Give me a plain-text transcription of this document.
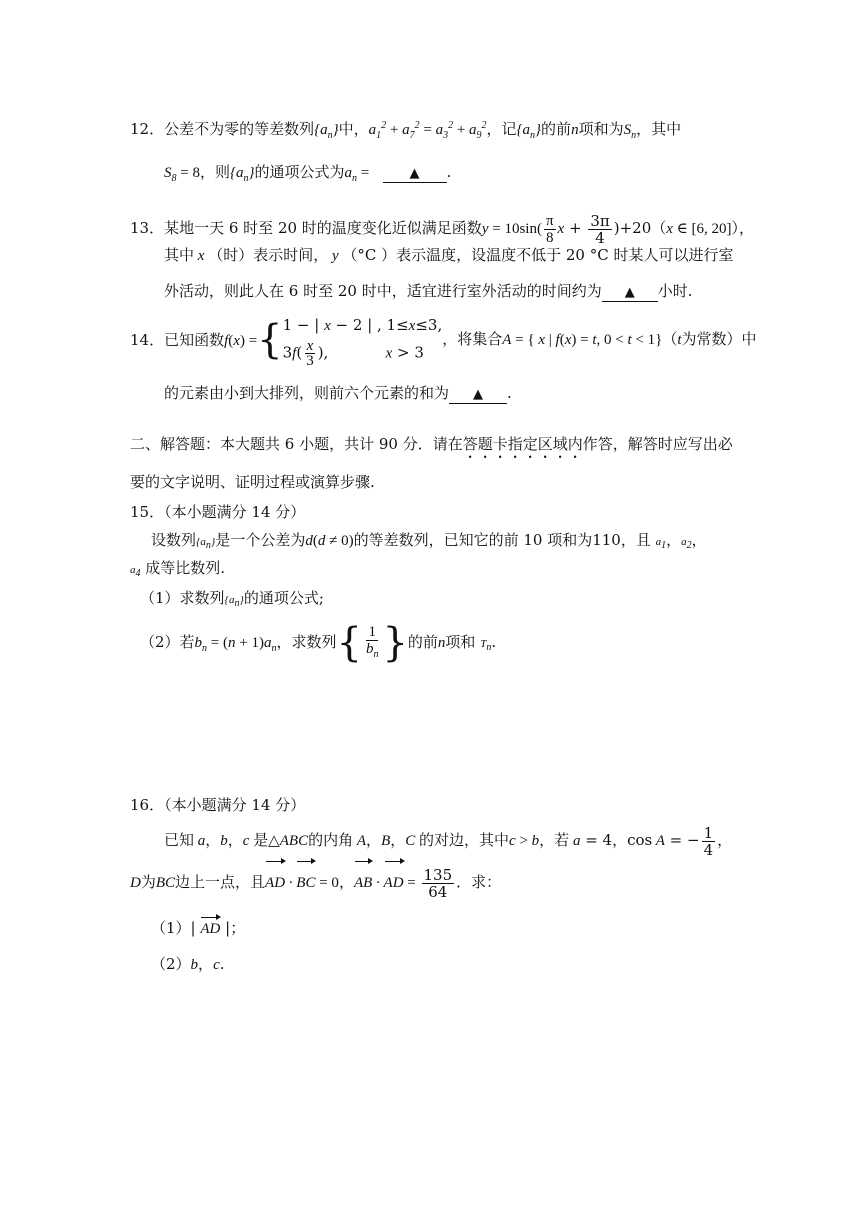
12．公差不为零的等差数列$\{a_n\}$中，$a_1^2 + a_7^2 = a_3^2 + a_9^2$，记$\{a_n\}$的前n项和为$S_n$，其中
$S_8 = 8$，则$\{a_n\}$的通项公式为$a_n$ =	▲ .
13．某地一天 6 时至 20 时的温度变化近似满足函数$y = 10\sin( \frac{\pi}{8}$ $x + \frac{3\pi}{4} )+20(x$ ∈ [6, 20]），
其中 x （时）表示时间， y （°C ）表示温度，设温度不低于 20 °C 时某人可以进行室
外活动，则此人在 6 时至 20 时中，适宜进行室外活动的时间约为 ▲ 小时.
14．已知函数f(x) ={ 1 − | x − 2 | , 1≤x≤3,
$3f( \frac{x}{3}$ ),            x > 3
，将集合A = { x | f(x) = t, 0 < t < 1}（t为常数）中
的元素由小到大排列，则前六个元素的和为 ▲ .
二、解答题：本大题共 6 小题，共计 90 分．请在答题卡指定区域内作答，解答时应写出必
要的文字说明、证明过程或演算步骤.
15．（本小题满分 14 分）
设数列$\{a_n\}$是一个公差为d(d ≠ 0)的等差数列，已知它的前 10 项和为110，且 $a_1$，$a_2$，
$a_4$ 成等比数列.
（1）求数列$\{a_n\}$的通项公式;
（2）若$b_n = (n + 1)a_n$，求数列{ $\frac{1}{b_n}$ }的前n项和 $T_n$.
16．（本小题满分 14 分）
已知 a，b，c 是△ABC的内角 A，B，C 的对边，其中c > b，若 a = 4，cos A = − $\frac{1}{4}$ ，
D为BC边上一点，且AD · BC = 0，AB · AD = $\frac{135}{64}$ ．求：
（1）| AD |；
（2）b，c.
